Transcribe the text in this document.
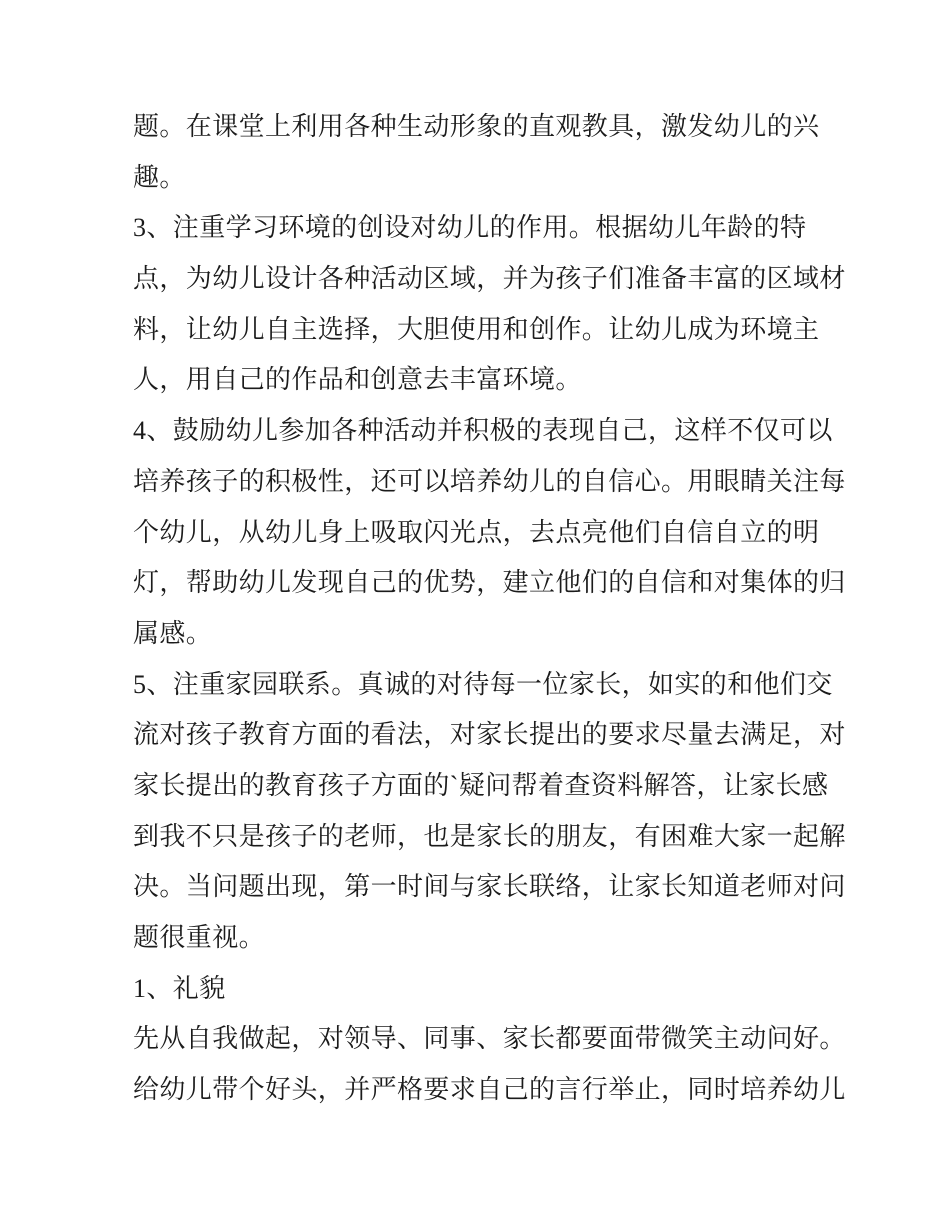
题。在课堂上利用各种生动形象的直观教具，激发幼儿的兴
趣。
3、注重学习环境的创设对幼儿的作用。根据幼儿年龄的特
点，为幼儿设计各种活动区域，并为孩子们准备丰富的区域材
料，让幼儿自主选择，大胆使用和创作。让幼儿成为环境主
人，用自己的作品和创意去丰富环境。
4、鼓励幼儿参加各种活动并积极的表现自己，这样不仅可以
培养孩子的积极性，还可以培养幼儿的自信心。用眼睛关注每
个幼儿，从幼儿身上吸取闪光点，去点亮他们自信自立的明
灯，帮助幼儿发现自己的优势，建立他们的自信和对集体的归
属感。
5、注重家园联系。真诚的对待每一位家长，如实的和他们交
流对孩子教育方面的看法，对家长提出的要求尽量去满足，对
家长提出的教育孩子方面的`疑问帮着查资料解答，让家长感
到我不只是孩子的老师，也是家长的朋友，有困难大家一起解
决。当问题出现，第一时间与家长联络，让家长知道老师对问
题很重视。
1、礼貌
先从自我做起，对领导、同事、家长都要面带微笑主动问好。
给幼儿带个好头，并严格要求自己的言行举止，同时培养幼儿
